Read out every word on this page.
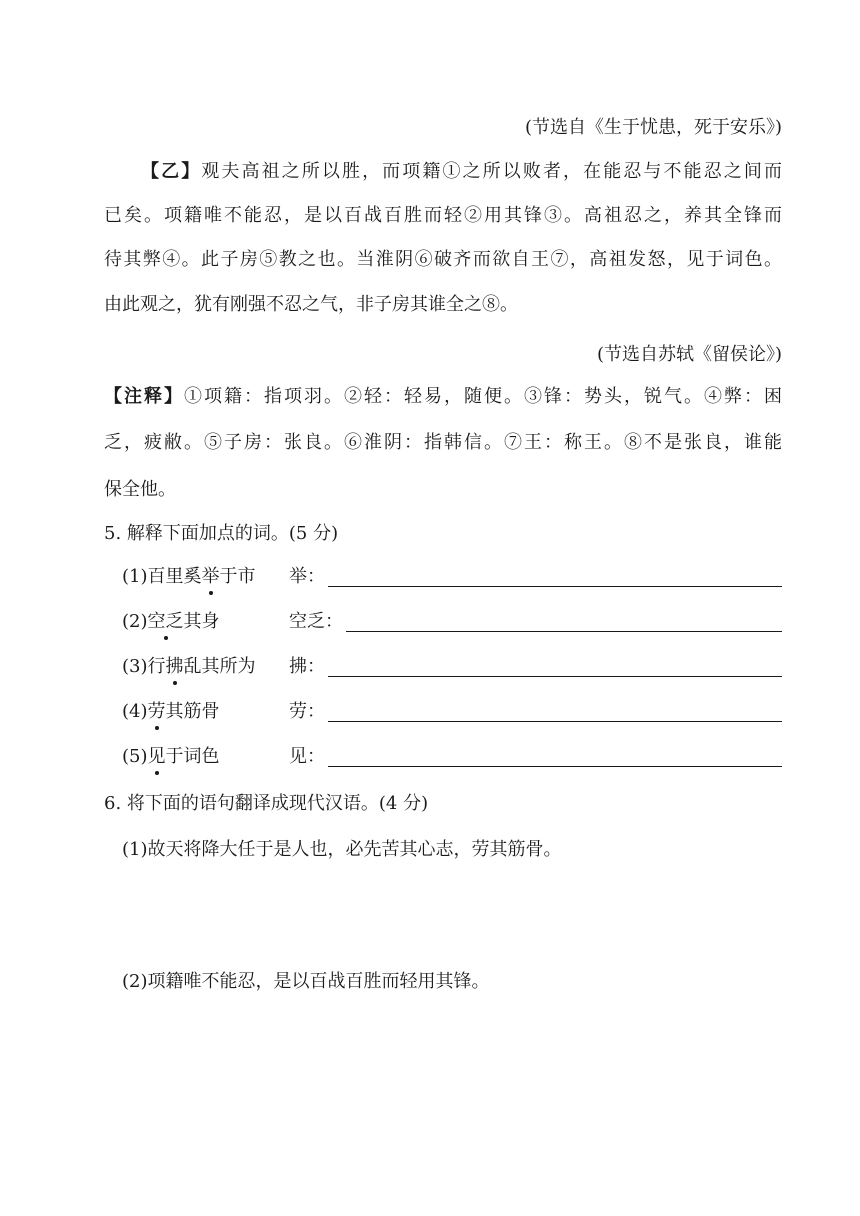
(节选自《生于忧患，死于安乐》)
【乙】观夫高祖之所以胜，而项籍①之所以败者，在能忍与不能忍之间而
已矣。项籍唯不能忍，是以百战百胜而轻②用其锋③。高祖忍之，养其全锋而
待其弊④。此子房⑤教之也。当淮阴⑥破齐而欲自王⑦，高祖发怒，见于词色。
由此观之，犹有刚强不忍之气，非子房其谁全之⑧。
(节选自苏轼《留侯论》)
【注释】①项籍：指项羽。②轻：轻易，随便。③锋：势头，锐气。④弊：困
乏，疲敝。⑤子房：张良。⑥淮阴：指韩信。⑦王：称王。⑧不是张良，谁能
保全他。
5. 解释下面加点的词。(5 分)
(1)百里奚举于市 举：
(2)空乏其身	空乏：
(3)行拂乱其所为 拂：
(4)劳其筋骨	劳：
(5)见于词色	见：
6. 将下面的语句翻译成现代汉语。(4 分)
(1)故天将降大任于是人也，必先苦其心志，劳其筋骨。
(2)项籍唯不能忍，是以百战百胜而轻用其锋。
